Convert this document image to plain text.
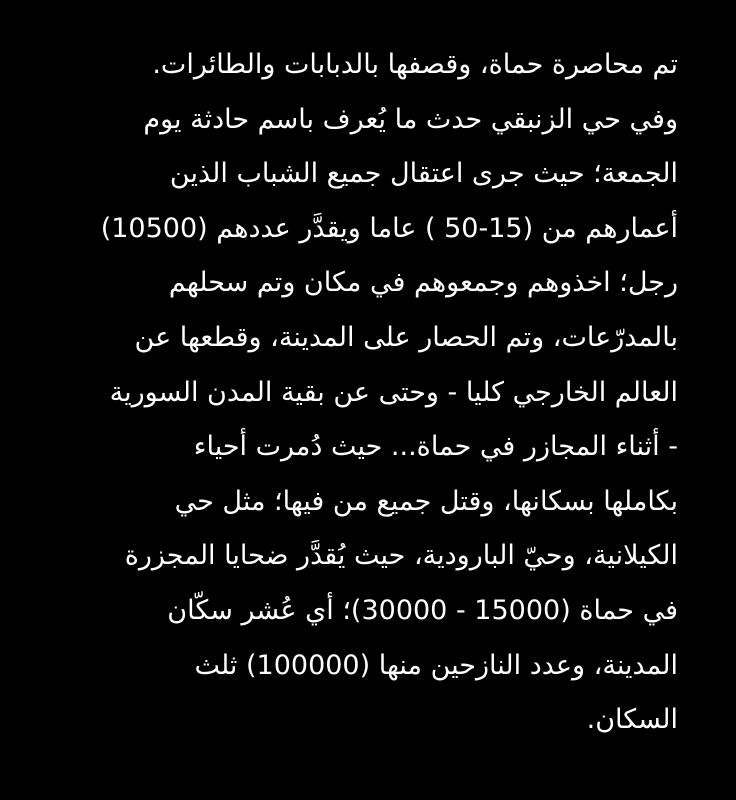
تم محاصرة حماة، وقصفها بالدبابات والطائرات.
وفي حي الزنبقي حدث ما يُعرف باسم حادثة يوم
الجمعة؛ حيث جرى اعتقال جميع الشباب الذين
أعمارهم من (15-50 ) عاما ويقدَّر عددهم (10500)
رجل؛ اخذوهم وجمعوهم في مكان وتم سحلهم
بالمدرّعات، وتم الحصار على المدينة، وقطعها عن
العالم الخارجي كليا - وحتى عن بقية المدن السورية
- أثناء المجازر في حماة... حيث دُمرت أحياء
بكاملها بسكانها، وقتل جميع من فيها؛ مثل حي
الكيلانية، وحيّ البارودية، حيث يُقدَّر ضحايا المجزرة
في حماة (15000 - 30000)؛ أي عُشر سكّان
المدينة، وعدد النازحين منها (100000) ثلث
السكان.
